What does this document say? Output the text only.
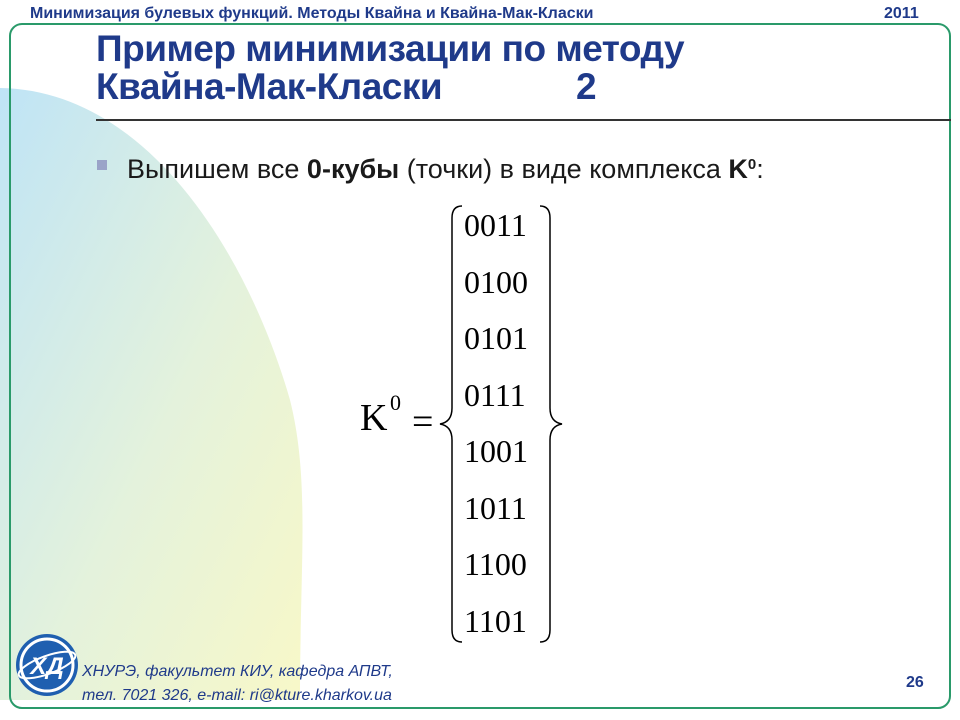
Минимизация булевых функций. Методы Квайна и Квайна-Мак-Класки	2011
Пример минимизации по методу
Квайна-Мак-Класки	2
Выпишем все 0-кубы (точки) в виде комплекса $K^0$:
K 0 =
0011
0100
0101
0111
1001
1011
1100
1101
ХД ХНУРЭ, факультет КИУ, кафедра АПВТ,
тел. 7021 326, e-mail: ri@kture.kharkov.ua
26
